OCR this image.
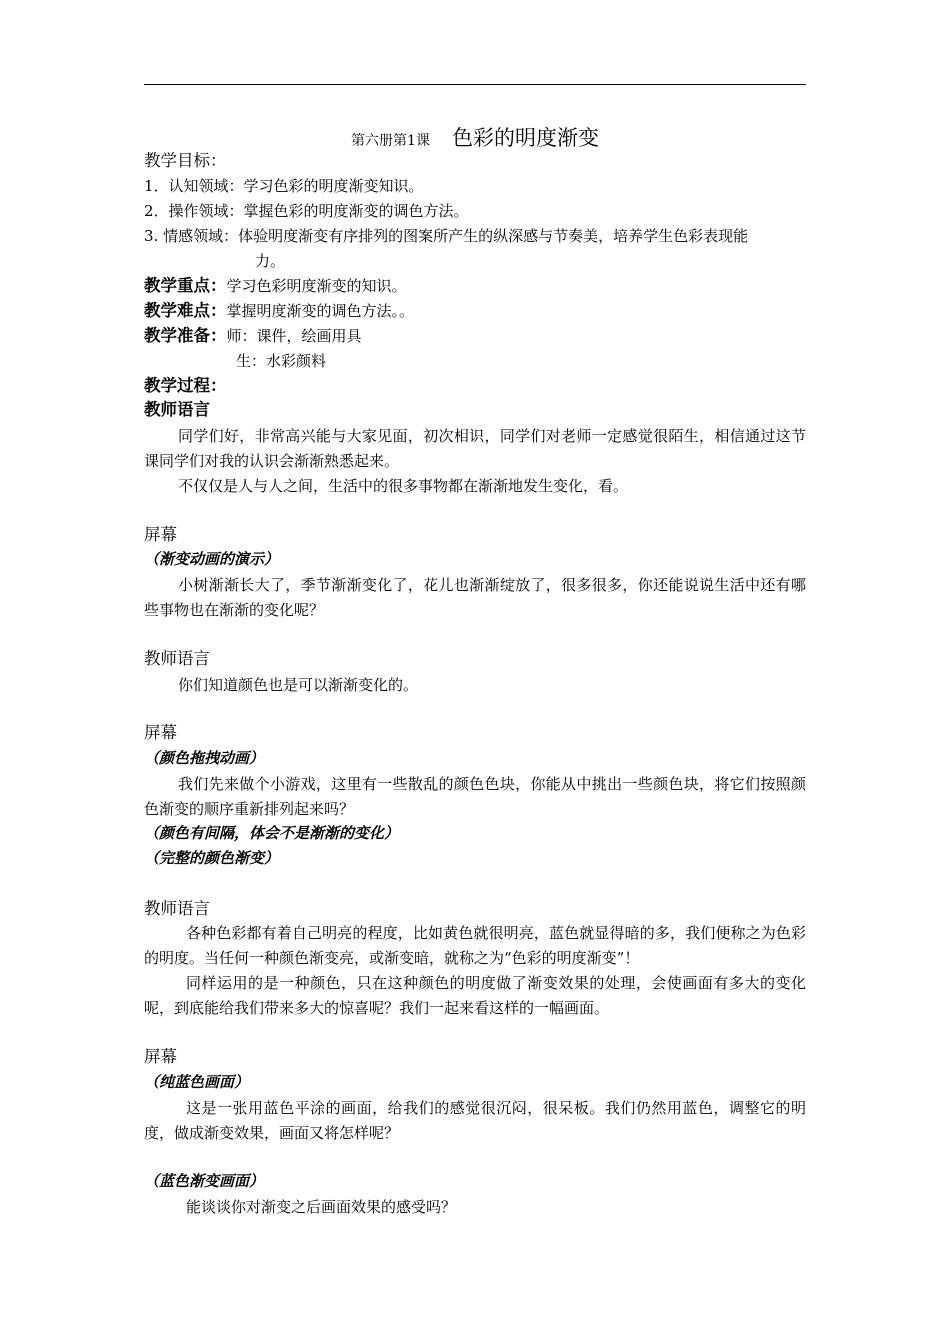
第六册第1课 色彩的明度渐变
教学目标：
1．认知领域：学习色彩的明度渐变知识。
2．操作领域：掌握色彩的明度渐变的调色方法。
3. 情感领域：体验明度渐变有序排列的图案所产生的纵深感与节奏美，培养学生色彩表现能
力。
教学重点：学习色彩明度渐变的知识。
教学难点：掌握明度渐变的调色方法。。
教学准备：师：课件，绘画用具
生：水彩颜料
教学过程：
教师语言
同学们好，非常高兴能与大家见面，初次相识，同学们对老师一定感觉很陌生，相信通过这节课同学们对我的认识会渐渐熟悉起来。
不仅仅是人与人之间，生活中的很多事物都在渐渐地发生变化，看。
屏幕
（渐变动画的演示）
小树渐渐长大了，季节渐渐变化了，花儿也渐渐绽放了，很多很多，你还能说说生活中还有哪些事物也在渐渐的变化呢？
教师语言
你们知道颜色也是可以渐渐变化的。
屏幕
（颜色拖拽动画）
我们先来做个小游戏，这里有一些散乱的颜色色块，你能从中挑出一些颜色块，将它们按照颜色渐变的顺序重新排列起来吗？
（颜色有间隔，体会不是渐渐的变化）
（完整的颜色渐变）
教师语言
各种色彩都有着自己明亮的程度，比如黄色就很明亮，蓝色就显得暗的多，我们便称之为色彩的明度。当任何一种颜色渐变亮，或渐变暗，就称之为“色彩的明度渐变”！
同样运用的是一种颜色，只在这种颜色的明度做了渐变效果的处理，会使画面有多大的变化呢，到底能给我们带来多大的惊喜呢？我们一起来看这样的一幅画面。
屏幕
（纯蓝色画面）
这是一张用蓝色平涂的画面，给我们的感觉很沉闷，很呆板。我们仍然用蓝色，调整它的明度，做成渐变效果，画面又将怎样呢？
（蓝色渐变画面）
能谈谈你对渐变之后画面效果的感受吗？
